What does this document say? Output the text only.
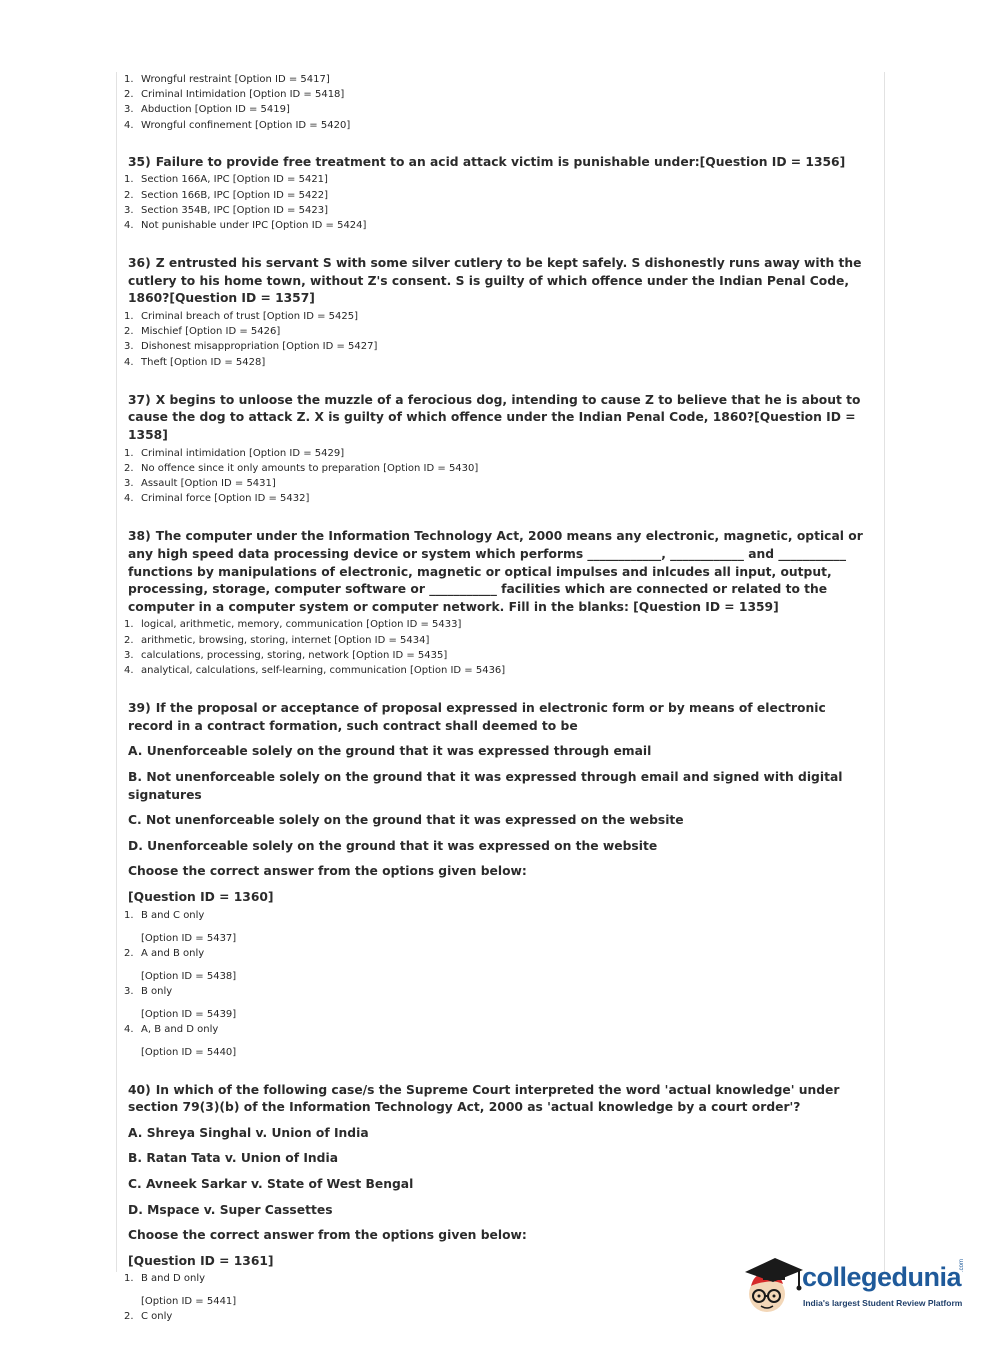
1. Wrongful restraint [Option ID = 5417]
2. Criminal Intimidation [Option ID = 5418]
3. Abduction [Option ID = 5419]
4. Wrongful confinement [Option ID = 5420]
35) Failure to provide free treatment to an acid attack victim is punishable under:[Question ID = 1356]
1. Section 166A, IPC [Option ID = 5421]
2. Section 166B, IPC [Option ID = 5422]
3. Section 354B, IPC [Option ID = 5423]
4. Not punishable under IPC [Option ID = 5424]
36) Z entrusted his servant S with some silver cutlery to be kept safely. S dishonestly runs away with the cutlery to his home town, without Z's consent. S is guilty of which offence under the Indian Penal Code, 1860?[Question ID = 1357]
1. Criminal breach of trust [Option ID = 5425]
2. Mischief [Option ID = 5426]
3. Dishonest misappropriation [Option ID = 5427]
4. Theft [Option ID = 5428]
37) X begins to unloose the muzzle of a ferocious dog, intending to cause Z to believe that he is about to cause the dog to attack Z. X is guilty of which offence under the Indian Penal Code, 1860?[Question ID = 1358]
1. Criminal intimidation [Option ID = 5429]
2. No offence since it only amounts to preparation [Option ID = 5430]
3. Assault [Option ID = 5431]
4. Criminal force [Option ID = 5432]
38) The computer under the Information Technology Act, 2000 means any electronic, magnetic, optical or any high speed data processing device or system which performs ____________, ____________ and ___________ functions by manipulations of electronic, magnetic or optical impulses and inlcudes all input, output, processing, storage, computer software or ___________ facilities which are connected or related to the computer in a computer system or computer network. Fill in the blanks: [Question ID = 1359]
1. logical, arithmetic, memory, communication [Option ID = 5433]
2. arithmetic, browsing, storing, internet [Option ID = 5434]
3. calculations, processing, storing, network [Option ID = 5435]
4. analytical, calculations, self-learning, communication [Option ID = 5436]
39) If the proposal or acceptance of proposal expressed in electronic form or by means of electronic record in a contract formation, such contract shall deemed to be
A. Unenforceable solely on the ground that it was expressed through email
B. Not unenforceable solely on the ground that it was expressed through email and signed with digital signatures
C. Not unenforceable solely on the ground that it was expressed on the website
D. Unenforceable solely on the ground that it was expressed on the website
Choose the correct answer from the options given below:
[Question ID = 1360]
1. B and C only
[Option ID = 5437]
2. A and B only
[Option ID = 5438]
3. B only
[Option ID = 5439]
4. A, B and D only
[Option ID = 5440]
40) In which of the following case/s the Supreme Court interpreted the word 'actual knowledge' under section 79(3)(b) of the Information Technology Act, 2000 as 'actual knowledge by a court order'?
A. Shreya Singhal v. Union of India
B. Ratan Tata v. Union of India
C. Avneek Sarkar v. State of West Bengal
D. Mspace v. Super Cassettes
Choose the correct answer from the options given below:
[Question ID = 1361]
1. B and D only
[Option ID = 5441]
2. C only
collegedunia
.com
India's largest Student Review Platform
